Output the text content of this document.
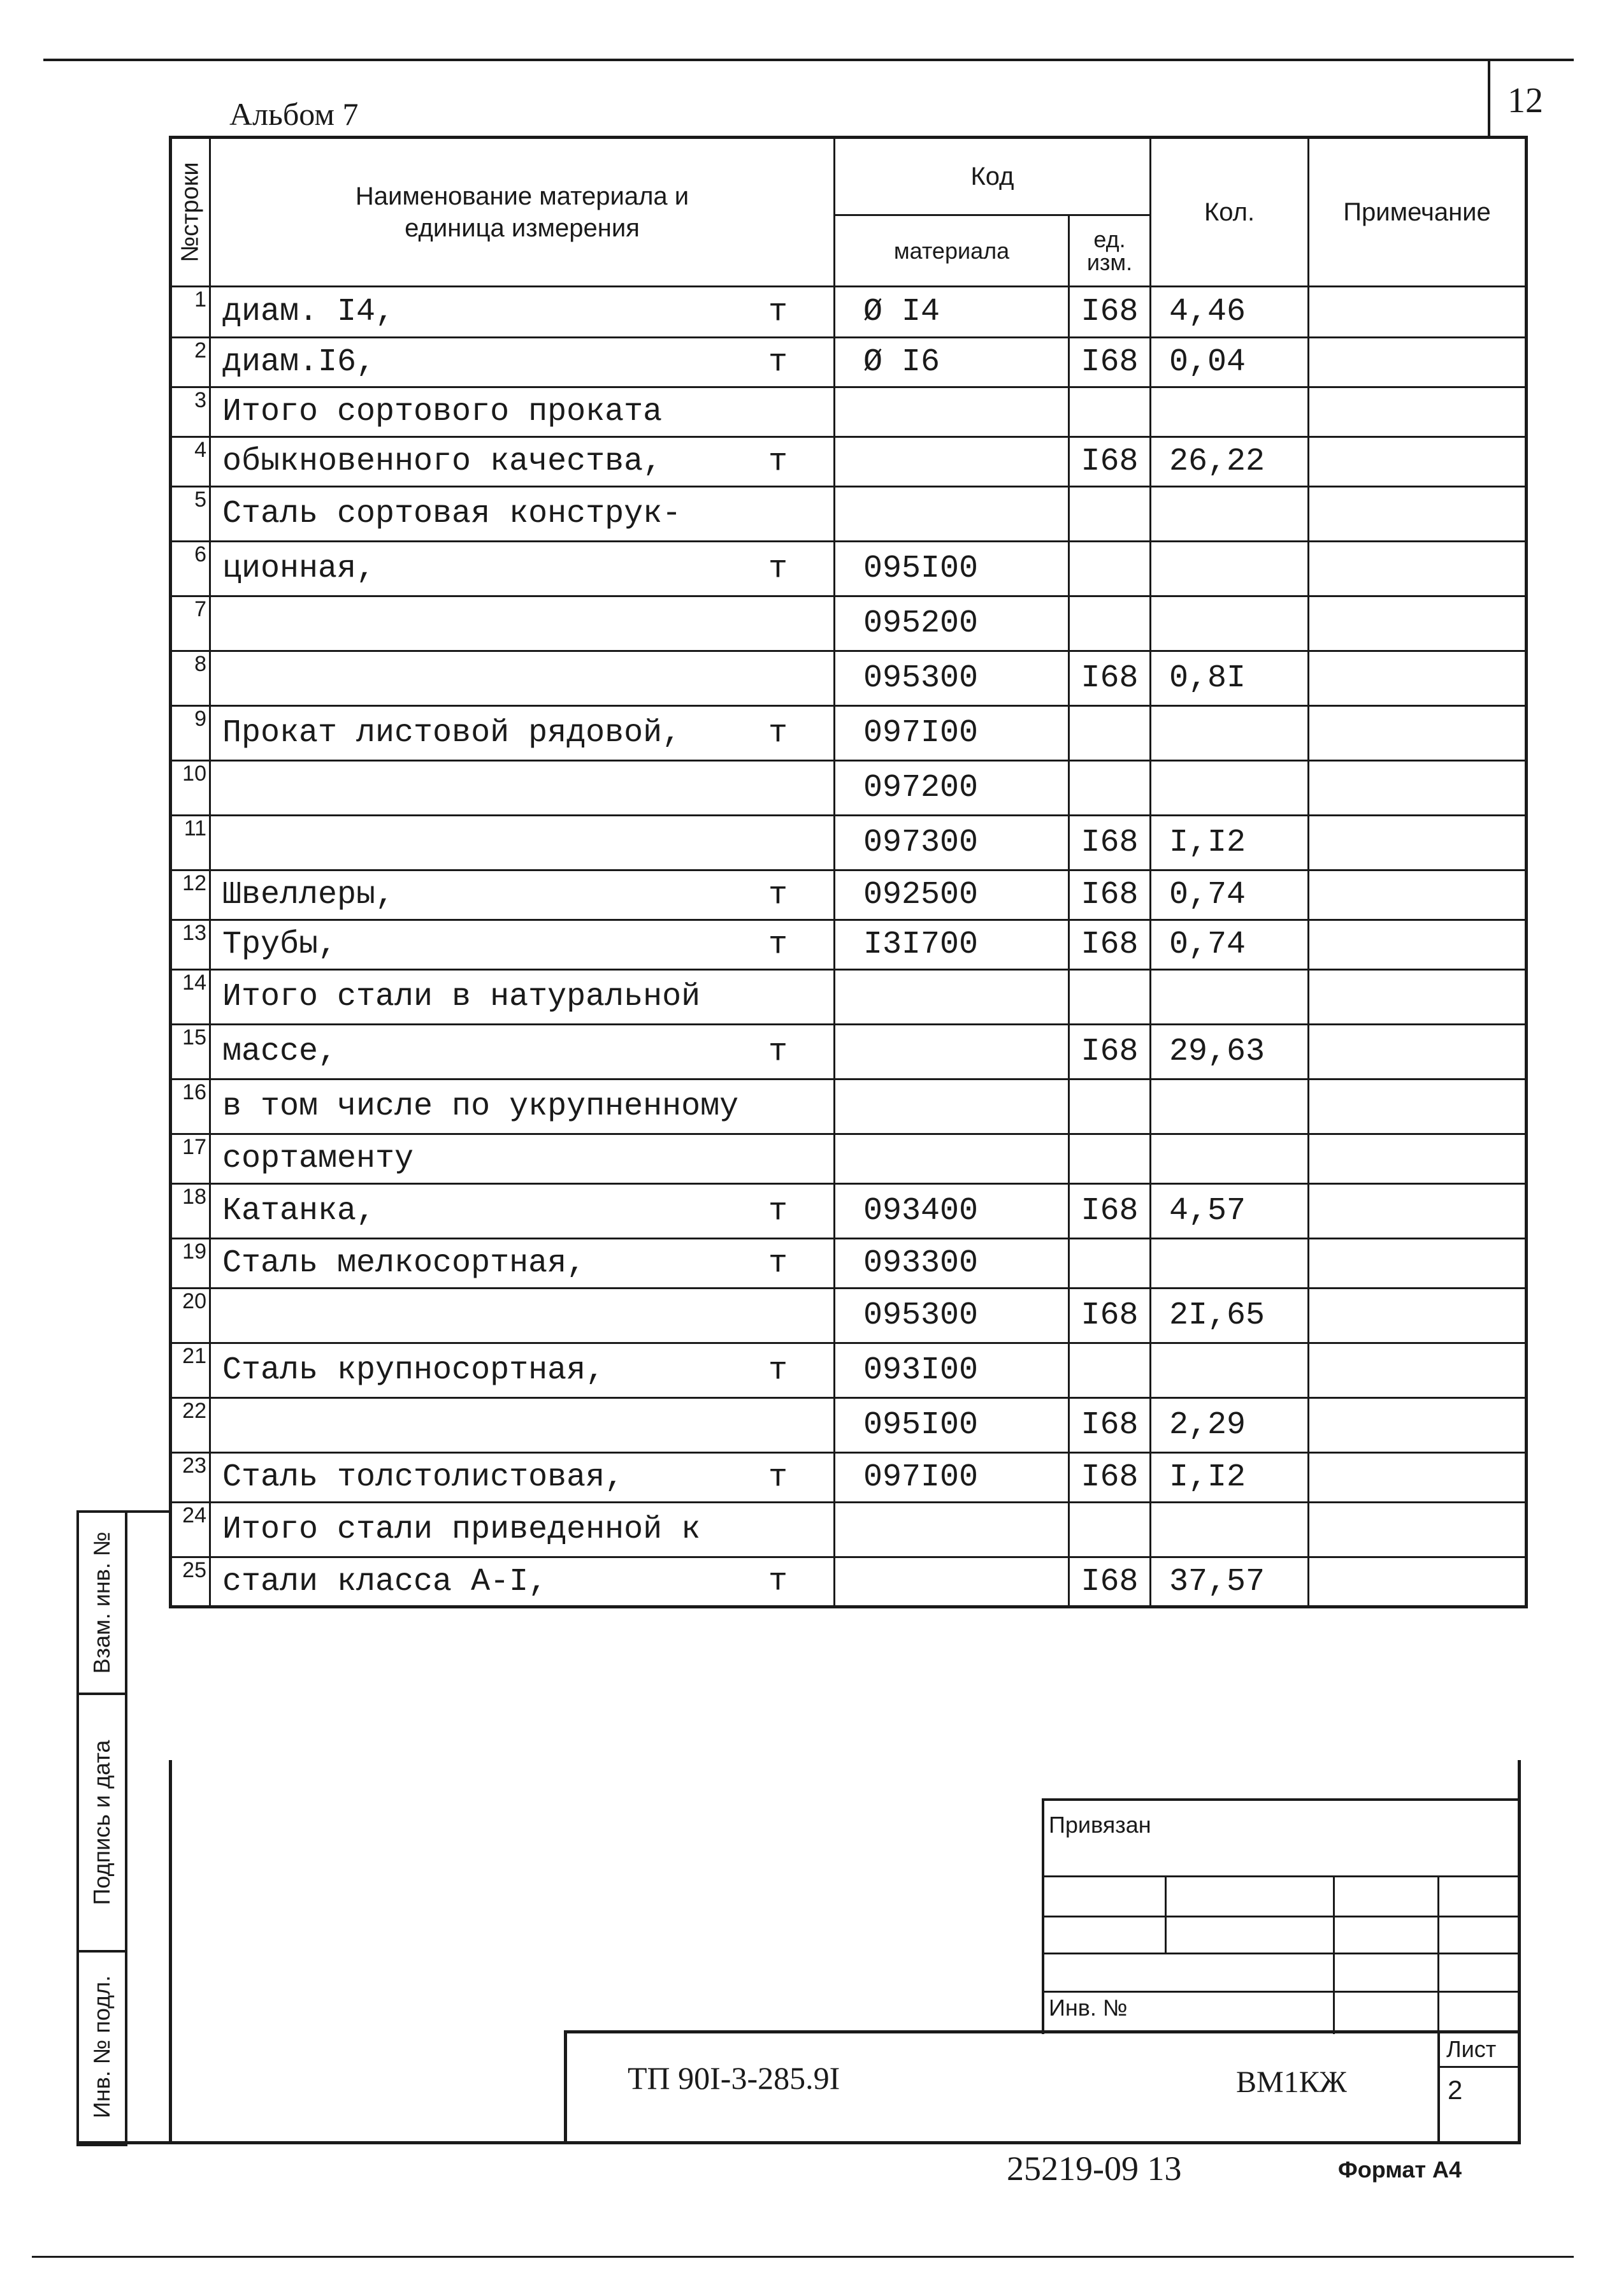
Альбом 7	12
№строки	Наименование материала и единица измерения	Код		Кол.	Примечание
		материала	ед. изм.		
1	диам. I4, т	Ø I4	I68	4,46	
2	диам.I6, т	Ø I6	I68	0,04	
3	Итого сортового проката

4	обыкновенного качества, т		I68	26,22	
5	Сталь сортовая конструк-

6	ционная, т	095I00			
7		095200			
8		095300	I68	0,8I	
9	Прокат листовой рядовой, т	097I00			
10		097200			
11		097300	I68	I,I2	
12	Швеллеры, т	092500	I68	0,74	
13	Трубы, т	I3I700	I68	0,74	
14	Итого стали в натуральной

15	массе, т		I68	29,63	
16	в том числе по укрупненному

17	сортаменту

18	Катанка, т	093400	I68	4,57	
19	Сталь мелкосортная, т	093300			
20		095300	I68	2I,65	
21	Сталь крупносортная, т	093I00			
22		095I00	I68	2,29	
23	Сталь толстолистовая, т	097I00	I68	I,I2	
24	Итого стали приведенной к

25	стали класса А-I, т		I68	37,57	
Взам. инв. №
Подпись и дата
Инв. № подл.
Привязан
Инв. №
ТП 90I-3-285.9I	ВМ1КЖ
Лист
2
25219-09 13	Формат А4
